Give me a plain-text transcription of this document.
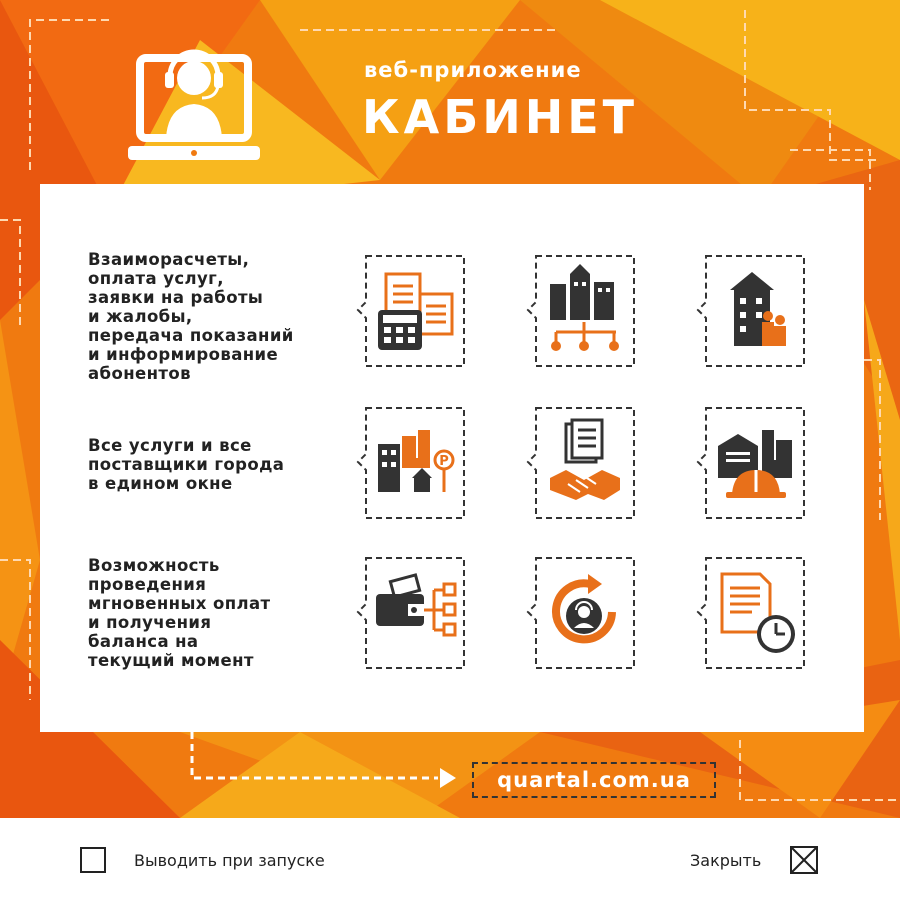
веб-приложение
КАБИНЕТ
quartal.com.ua
Взаиморасчеты,
оплата услуг,
заявки на работы
и жалобы,
передача показаний
и информирование
абонентов
Все услуги и все
поставщики города
в едином окне
Возможность
проведения
мгновенных оплат
и получения
баланса на
текущий момент
P
Выводить при запуске	Закрыть
